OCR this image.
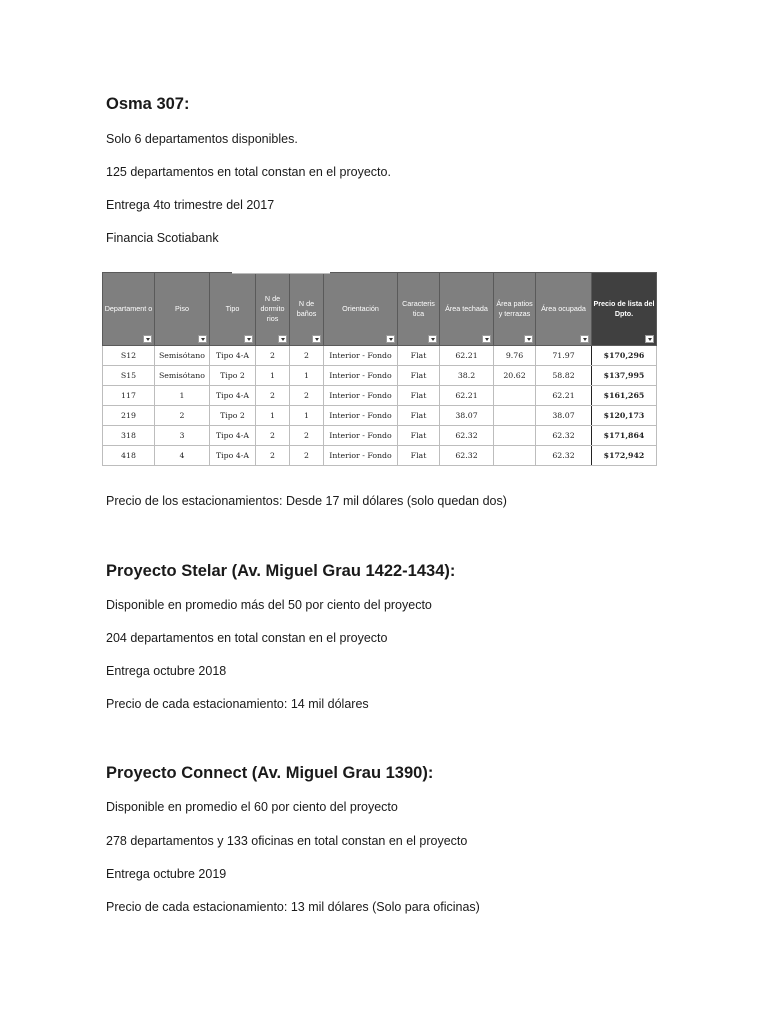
Osma 307:

Solo 6 departamentos disponibles.

125 departamentos en total constan en el proyecto.

Entrega 4to trimestre del 2017

Financia Scotiabank

Precio de los estacionamientos: Desde 17 mil dólares (solo quedan dos)

Proyecto Stelar (Av. Miguel Grau 1422-1434):

Disponible en promedio más del 50 por ciento del proyecto

204 departamentos en total constan en el proyecto

Entrega octubre 2018

Precio de cada estacionamiento: 14 mil dólares

Proyecto Connect (Av. Miguel Grau 1390):

Disponible en promedio el 60 por ciento del proyecto

278 departamentos y 133 oficinas en total constan en el proyecto

Entrega octubre 2019

Precio de cada estacionamiento: 13 mil dólares (Solo para oficinas)

Departament o	Piso	Tipo	N de dormito rios	N de baños	Orientación	Caracteris tica	Área techada	Área patios y terrazas	Área ocupada	Precio de lista del Dpto.

S12	Semisótano	Tipo 4-A	2	2	Interior - Fondo	Flat	62.21	9.76	71.97	$170,296
S15	Semisótano	Tipo 2	1	1	Interior - Fondo	Flat	38.2	20.62	58.82	$137,995
117	1	Tipo 4-A	2	2	Interior - Fondo	Flat	62.21		62.21	$161,265
219	2	Tipo 2	1	1	Interior - Fondo	Flat	38.07		38.07	$120,173
318	3	Tipo 4-A	2	2	Interior - Fondo	Flat	62.32		62.32	$171,864
418	4	Tipo 4-A	2	2	Interior - Fondo	Flat	62.32		62.32	$172,942
